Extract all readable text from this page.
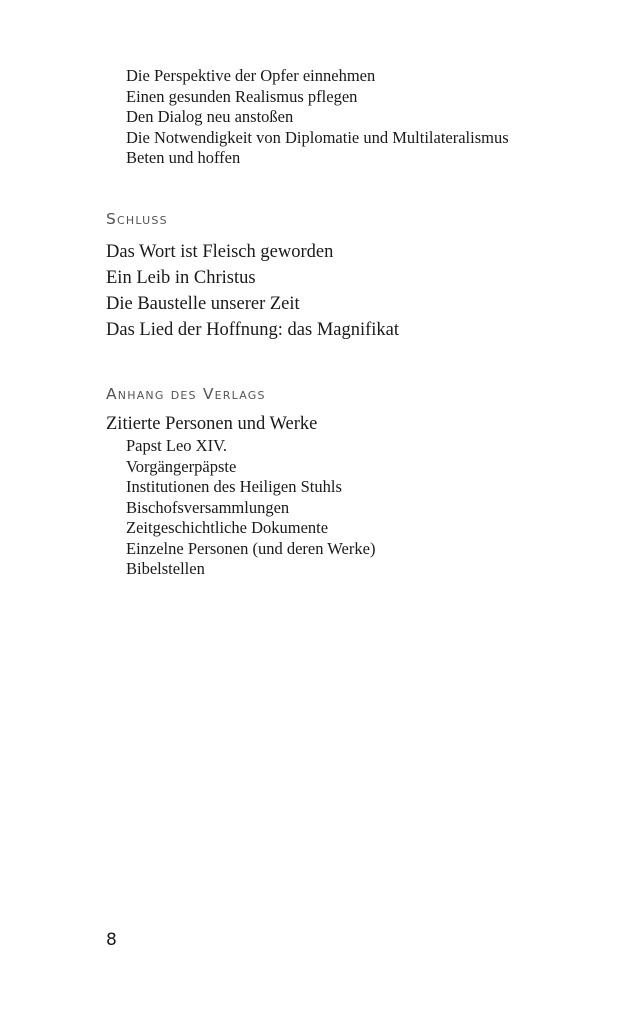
Die Perspektive der Opfer einnehmen
Einen gesunden Realismus pflegen
Den Dialog neu anstoßen
Die Notwendigkeit von Diplomatie und Multilateralismus
Beten und hoffen
Schluss
Das Wort ist Fleisch geworden
Ein Leib in Christus
Die Baustelle unserer Zeit
Das Lied der Hoffnung: das Magnifikat
Anhang des Verlags
Zitierte Personen und Werke
Papst Leo XIV.
Vorgängerpäpste
Institutionen des Heiligen Stuhls
Bischofsversammlungen
Zeitgeschichtliche Dokumente
Einzelne Personen (und deren Werke)
Bibelstellen
8
